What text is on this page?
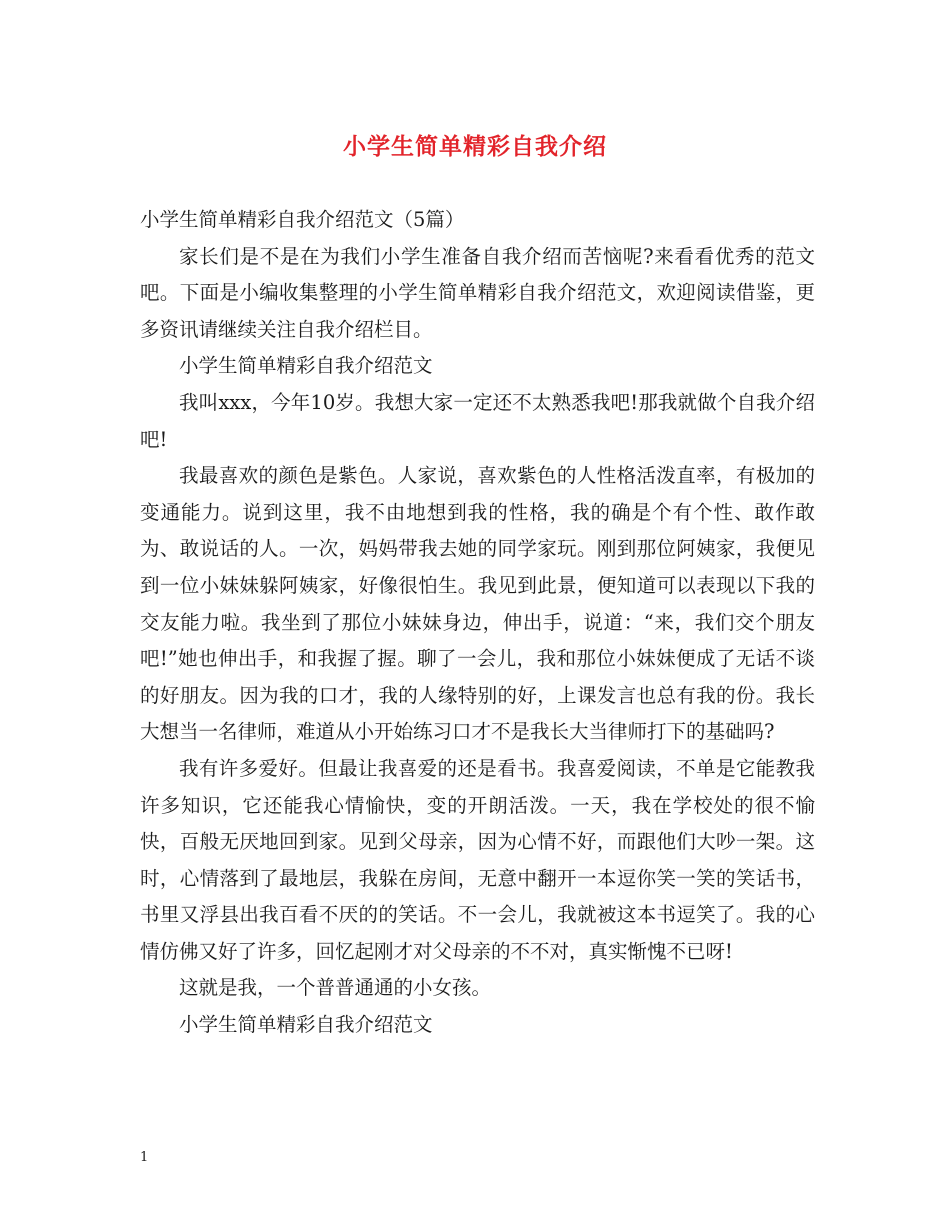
小学生简单精彩自我介绍

小学生简单精彩自我介绍范文（5篇）

家长们是不是在为我们小学生准备自我介绍而苦恼呢?来看看优秀的范文吧。下面是小编收集整理的小学生简单精彩自我介绍范文，欢迎阅读借鉴，更多资讯请继续关注自我介绍栏目。

小学生简单精彩自我介绍范文

我叫xxx，今年10岁。我想大家一定还不太熟悉我吧!那我就做个自我介绍吧!

我最喜欢的颜色是紫色。人家说，喜欢紫色的人性格活泼直率，有极加的变通能力。说到这里，我不由地想到我的性格，我的确是个有个性、敢作敢为、敢说话的人。一次，妈妈带我去她的同学家玩。刚到那位阿姨家，我便见到一位小妹妹躲阿姨家，好像很怕生。我见到此景，便知道可以表现以下我的交友能力啦。我坐到了那位小妹妹身边，伸出手，说道：“来，我们交个朋友吧!”她也伸出手，和我握了握。聊了一会儿，我和那位小妹妹便成了无话不谈的好朋友。因为我的口才，我的人缘特别的好，上课发言也总有我的份。我长大想当一名律师，难道从小开始练习口才不是我长大当律师打下的基础吗?

我有许多爱好。但最让我喜爱的还是看书。我喜爱阅读，不单是它能教我许多知识，它还能我心情愉快，变的开朗活泼。一天，我在学校处的很不愉快，百般无厌地回到家。见到父母亲，因为心情不好，而跟他们大吵一架。这时，心情落到了最地层，我躲在房间，无意中翻开一本逗你笑一笑的笑话书，书里又浮县出我百看不厌的的笑话。不一会儿，我就被这本书逗笑了。我的心情仿佛又好了许多，回忆起刚才对父母亲的不不对，真实惭愧不已呀!

这就是我，一个普普通通的小女孩。

小学生简单精彩自我介绍范文

1
